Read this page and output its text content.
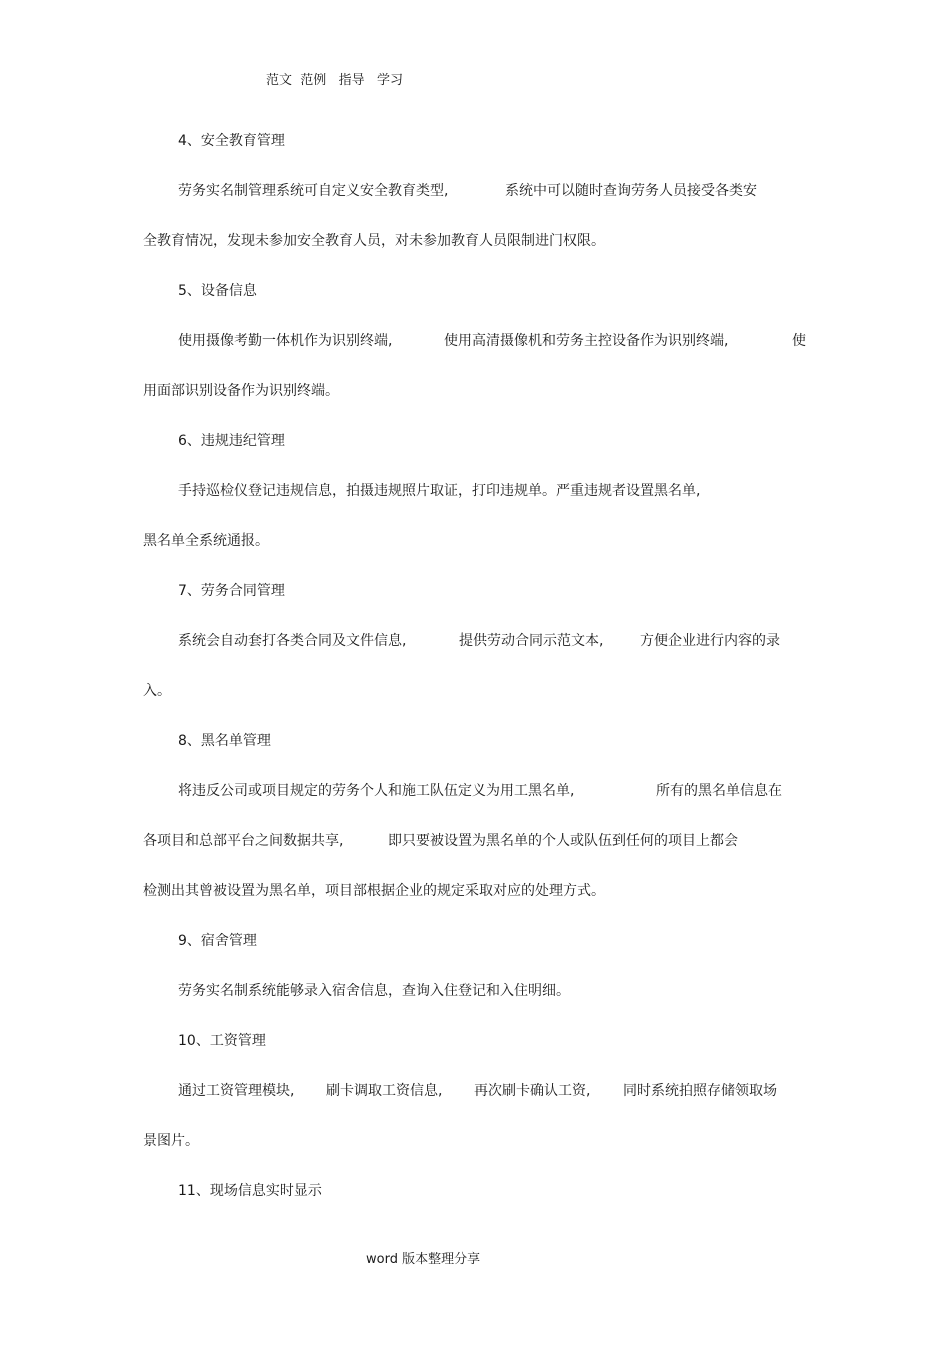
范文  范例   指导   学习
4、安全教育管理
劳务实名制管理系统可自定义安全教育类型,	系统中可以随时查询劳务人员接受各类安
全教育情况，发现未参加安全教育人员，对未参加教育人员限制进门权限。
5、设备信息
使用摄像考勤一体机作为识别终端,	使用高清摄像机和劳务主控设备作为识别终端,	使
用面部识别设备作为识别终端。
6、违规违纪管理
手持巡检仪登记违规信息，拍摄违规照片取证，打印违规单。严重违规者设置黑名单,
黑名单全系统通报。
7、劳务合同管理
系统会自动套打各类合同及文件信息,	提供劳动合同示范文本,	方便企业进行内容的录
入。
8、黑名单管理
将违反公司或项目规定的劳务个人和施工队伍定义为用工黑名单,	所有的黑名单信息在
各项目和总部平台之间数据共享,	即只要被设置为黑名单的个人或队伍到任何的项目上都会
检测出其曾被设置为黑名单，项目部根据企业的规定采取对应的处理方式。
9、宿舍管理
劳务实名制系统能够录入宿舍信息，查询入住登记和入住明细。
10、工资管理
通过工资管理模块, 刷卡调取工资信息, 再次刷卡确认工资, 同时系统拍照存储领取场
景图片。
11、现场信息实时显示
word 版本整理分享
